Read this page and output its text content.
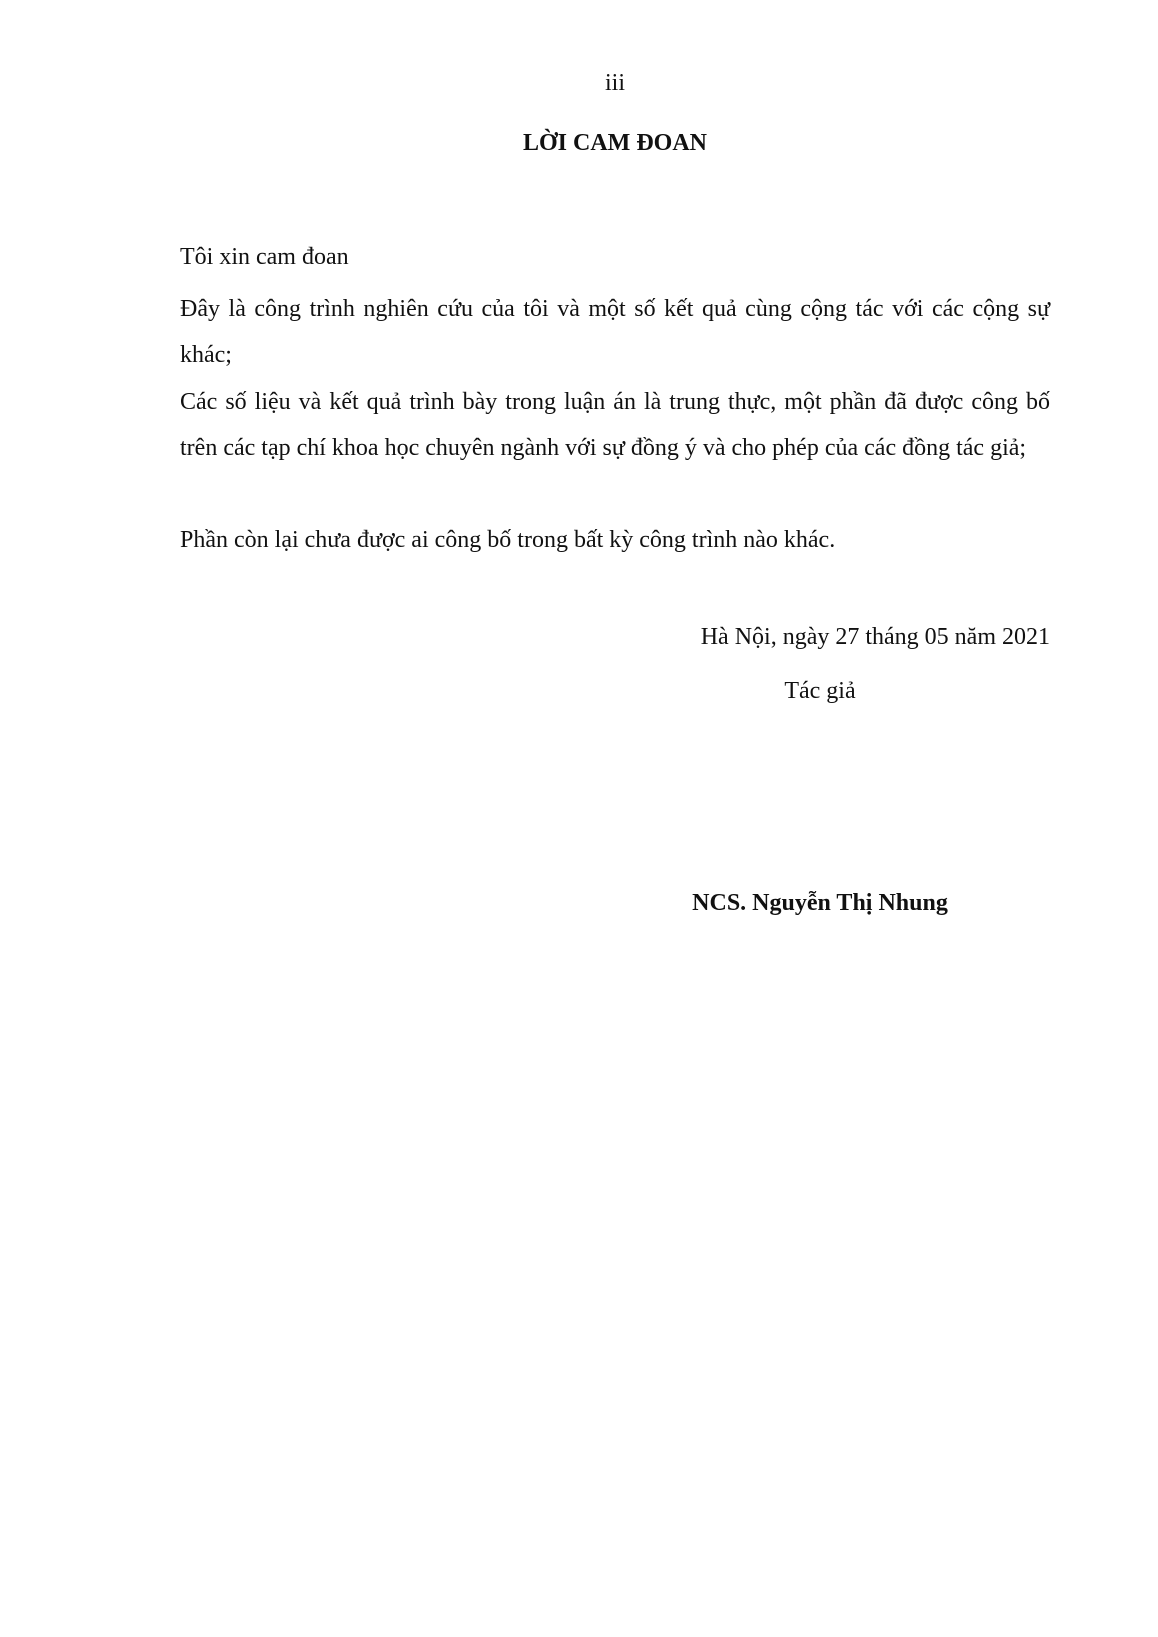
iii
LỜI CAM ĐOAN

Tôi xin cam đoan

Đây là công trình nghiên cứu của tôi và một số kết quả cùng cộng tác với các cộng sự khác;

Các số liệu và kết quả trình bày trong luận án là trung thực, một phần đã được công bố trên các tạp chí khoa học chuyên ngành với sự đồng ý và cho phép của các đồng tác giả;

Phần còn lại chưa được ai công bố trong bất kỳ công trình nào khác.

Hà Nội, ngày 27 tháng 05 năm 2021
Tác giả
NCS. Nguyễn Thị Nhung
